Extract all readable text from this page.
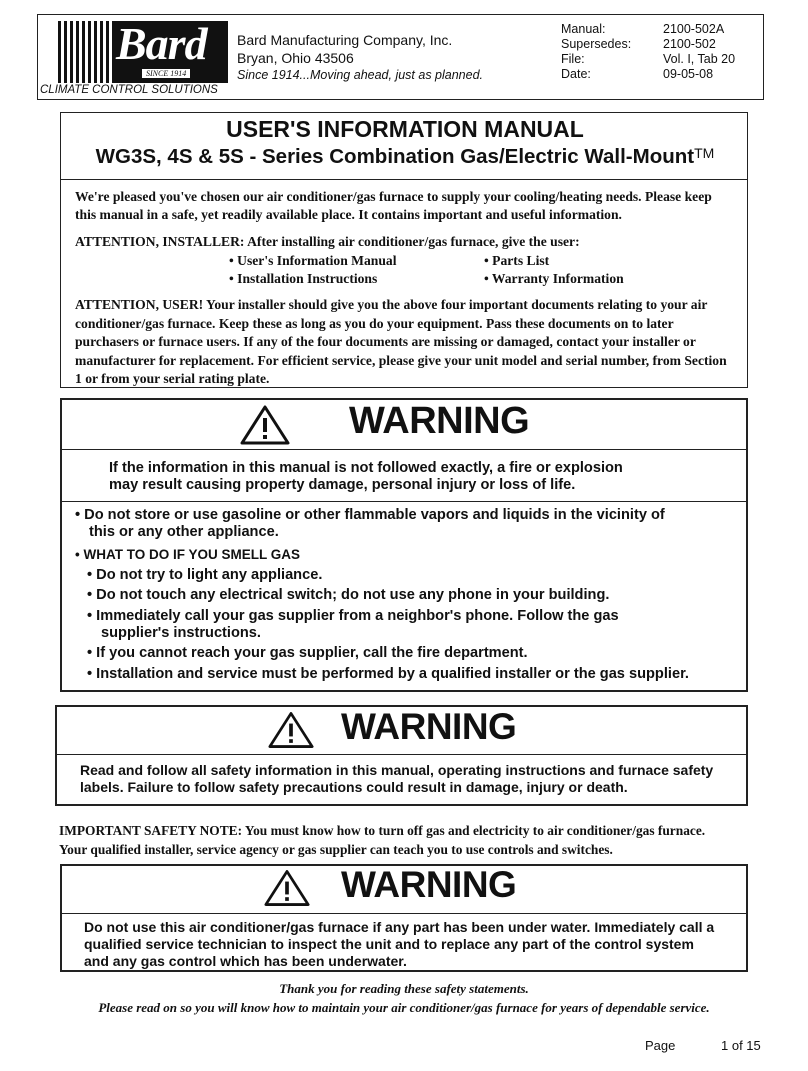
Bard
SINCE 1914
CLIMATE CONTROL SOLUTIONS
Bard Manufacturing Company, Inc.
Bryan, Ohio 43506
Since 1914...Moving ahead, just as planned.
Manual:	2100-502A
Supersedes:	2100-502
File:	Vol. I, Tab 20
Date:	09-05-08
USER'S INFORMATION MANUAL
WG3S, 4S & 5S - Series Combination Gas/Electric Wall-Mount™
We're pleased you've chosen our air conditioner/gas furnace to supply your cooling/heating needs. Please keep this manual in a safe, yet readily available place. It contains important and useful information.
ATTENTION, INSTALLER: After installing air conditioner/gas furnace, give the user:
• User's Information Manual	• Parts List
• Installation Instructions	• Warranty Information
ATTENTION, USER! Your installer should give you the above four important documents relating to your air conditioner/gas furnace. Keep these as long as you do your equipment. Pass these documents on to later purchasers or furnace users. If any of the four documents are missing or damaged, contact your installer or manufacturer for replacement. For efficient service, please give your unit model and serial number, from Section 1 or from your serial rating plate.
WARNING
If the information in this manual is not followed exactly, a fire or explosion
may result causing property damage, personal injury or loss of life.
• Do not store or use gasoline or other flammable vapors and liquids in the vicinity of
this or any other appliance.
• WHAT TO DO IF YOU SMELL GAS
• Do not try to light any appliance.
• Do not touch any electrical switch; do not use any phone in your building.
• Immediately call your gas supplier from a neighbor's phone. Follow the gas
supplier's instructions.
• If you cannot reach your gas supplier, call the fire department.
• Installation and service must be performed by a qualified installer or the gas supplier.
WARNING
Read and follow all safety information in this manual, operating instructions and furnace safety
labels. Failure to follow safety precautions could result in damage, injury or death.
IMPORTANT SAFETY NOTE: You must know how to turn off gas and electricity to air conditioner/gas furnace.
Your qualified installer, service agency or gas supplier can teach you to use controls and switches.
WARNING
Do not use this air conditioner/gas furnace if any part has been under water. Immediately call a
qualified service technician to inspect the unit and to replace any part of the control system
and any gas control which has been underwater.
Thank you for reading these safety statements.
Please read on so you will know how to maintain your air conditioner/gas furnace for years of dependable service.
Page	1 of 15
